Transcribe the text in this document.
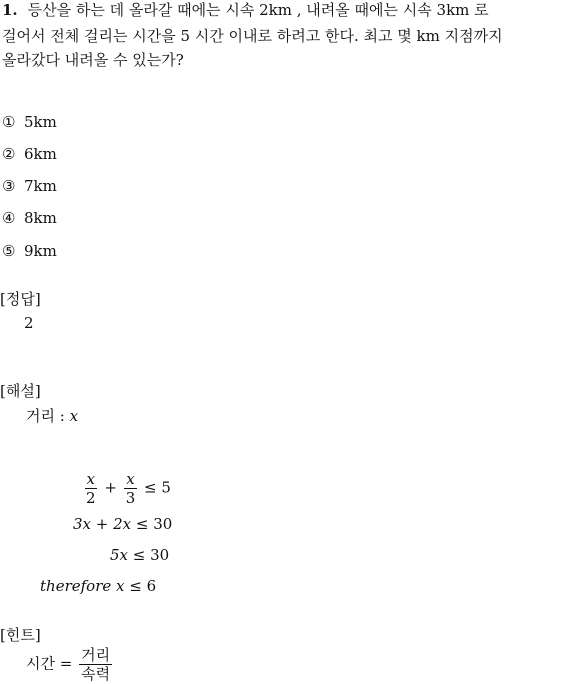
1. 등산을 하는 데 올라갈 때에는 시속 2km , 내려올 때에는 시속 3km 로
걸어서 전체 걸리는 시간을 5 시간 이내로 하려고 한다. 최고 몇 km 지점까지
올라갔다 내려올 수 있는가?
① 5km
② 6km
③ 7km
④ 8km
⑤ 9km
[정답]
2
[해설]
거리 : x
$\frac{x}{2} + \frac{x}{3} \le 5$
3x + 2x ≤ 30
5x ≤ 30
therefore x ≤ 6
[힌트]
시간 = $\frac{\text{거리}}{\text{속력}}$
